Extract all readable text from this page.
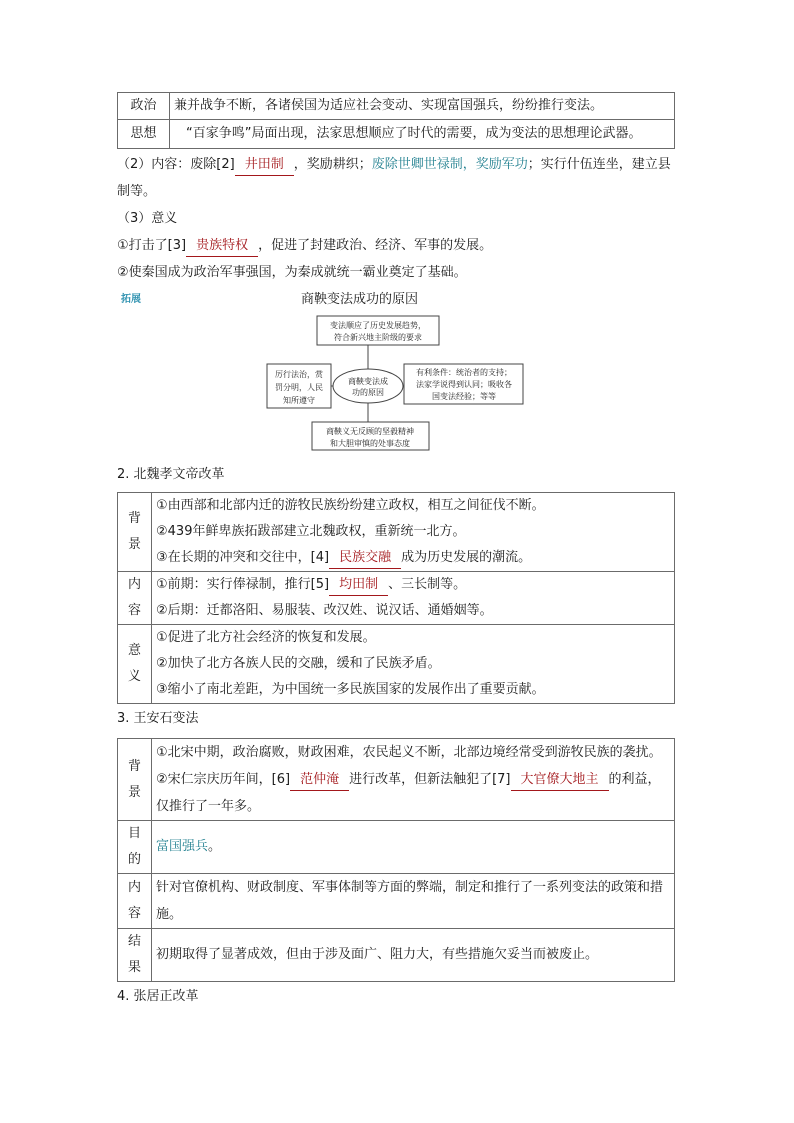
政治	兼并战争不断，各诸侯国为适应社会变动、实现富国强兵，纷纷推行变法。
思想	“百家争鸣”局面出现，法家思想顺应了时代的需要，成为变法的思想理论武器。
（2）内容：废除[2] 井田制 ，奖励耕织；废除世卿世禄制，奖励军功；实行什伍连坐，建立县制等。
（3）意义
①打击了[3] 贵族特权 ，促进了封建政治、经济、军事的发展。
②使秦国成为政治军事强国，为秦成就统一霸业奠定了基础。
拓展	商鞅变法成功的原因
变法顺应了历史发展趋势，
符合新兴地主阶级的要求
厉行法治，赏
罚分明，人民
知所遵守
有利条件：统治者的支持；
法家学说得到认同；吸收各
国变法经验；等等
商鞅变法成
功的原因
商鞅义无反顾的坚毅精神
和大胆审慎的处事态度
2. 北魏孝文帝改革
背景	①由西部和北部内迁的游牧民族纷纷建立政权，相互之间征伐不断。
②439年鲜卑族拓跋部建立北魏政权，重新统一北方。
③在长期的冲突和交往中，[4] 民族交融 成为历史发展的潮流。

内容	①前期：实行俸禄制，推行[5] 均田制 、三长制等。
②后期：迁都洛阳、易服装、改汉姓、说汉话、通婚姻等。

意义	①促进了北方社会经济的恢复和发展。
②加快了北方各族人民的交融，缓和了民族矛盾。
③缩小了南北差距，为中国统一多民族国家的发展作出了重要贡献。
3. 王安石变法
背景	①北宋中期，政治腐败，财政困难，农民起义不断，北部边境经常受到游牧民族的袭扰。
②宋仁宗庆历年间，[6] 范仲淹 进行改革，但新法触犯了[7] 大官僚大地主 的利益，仅推行了一年多。

目的	富国强兵。
内容	针对官僚机构、财政制度、军事体制等方面的弊端，制定和推行了一系列变法的政策和措施。
结果	初期取得了显著成效，但由于涉及面广、阻力大，有些措施欠妥当而被废止。
4. 张居正改革
